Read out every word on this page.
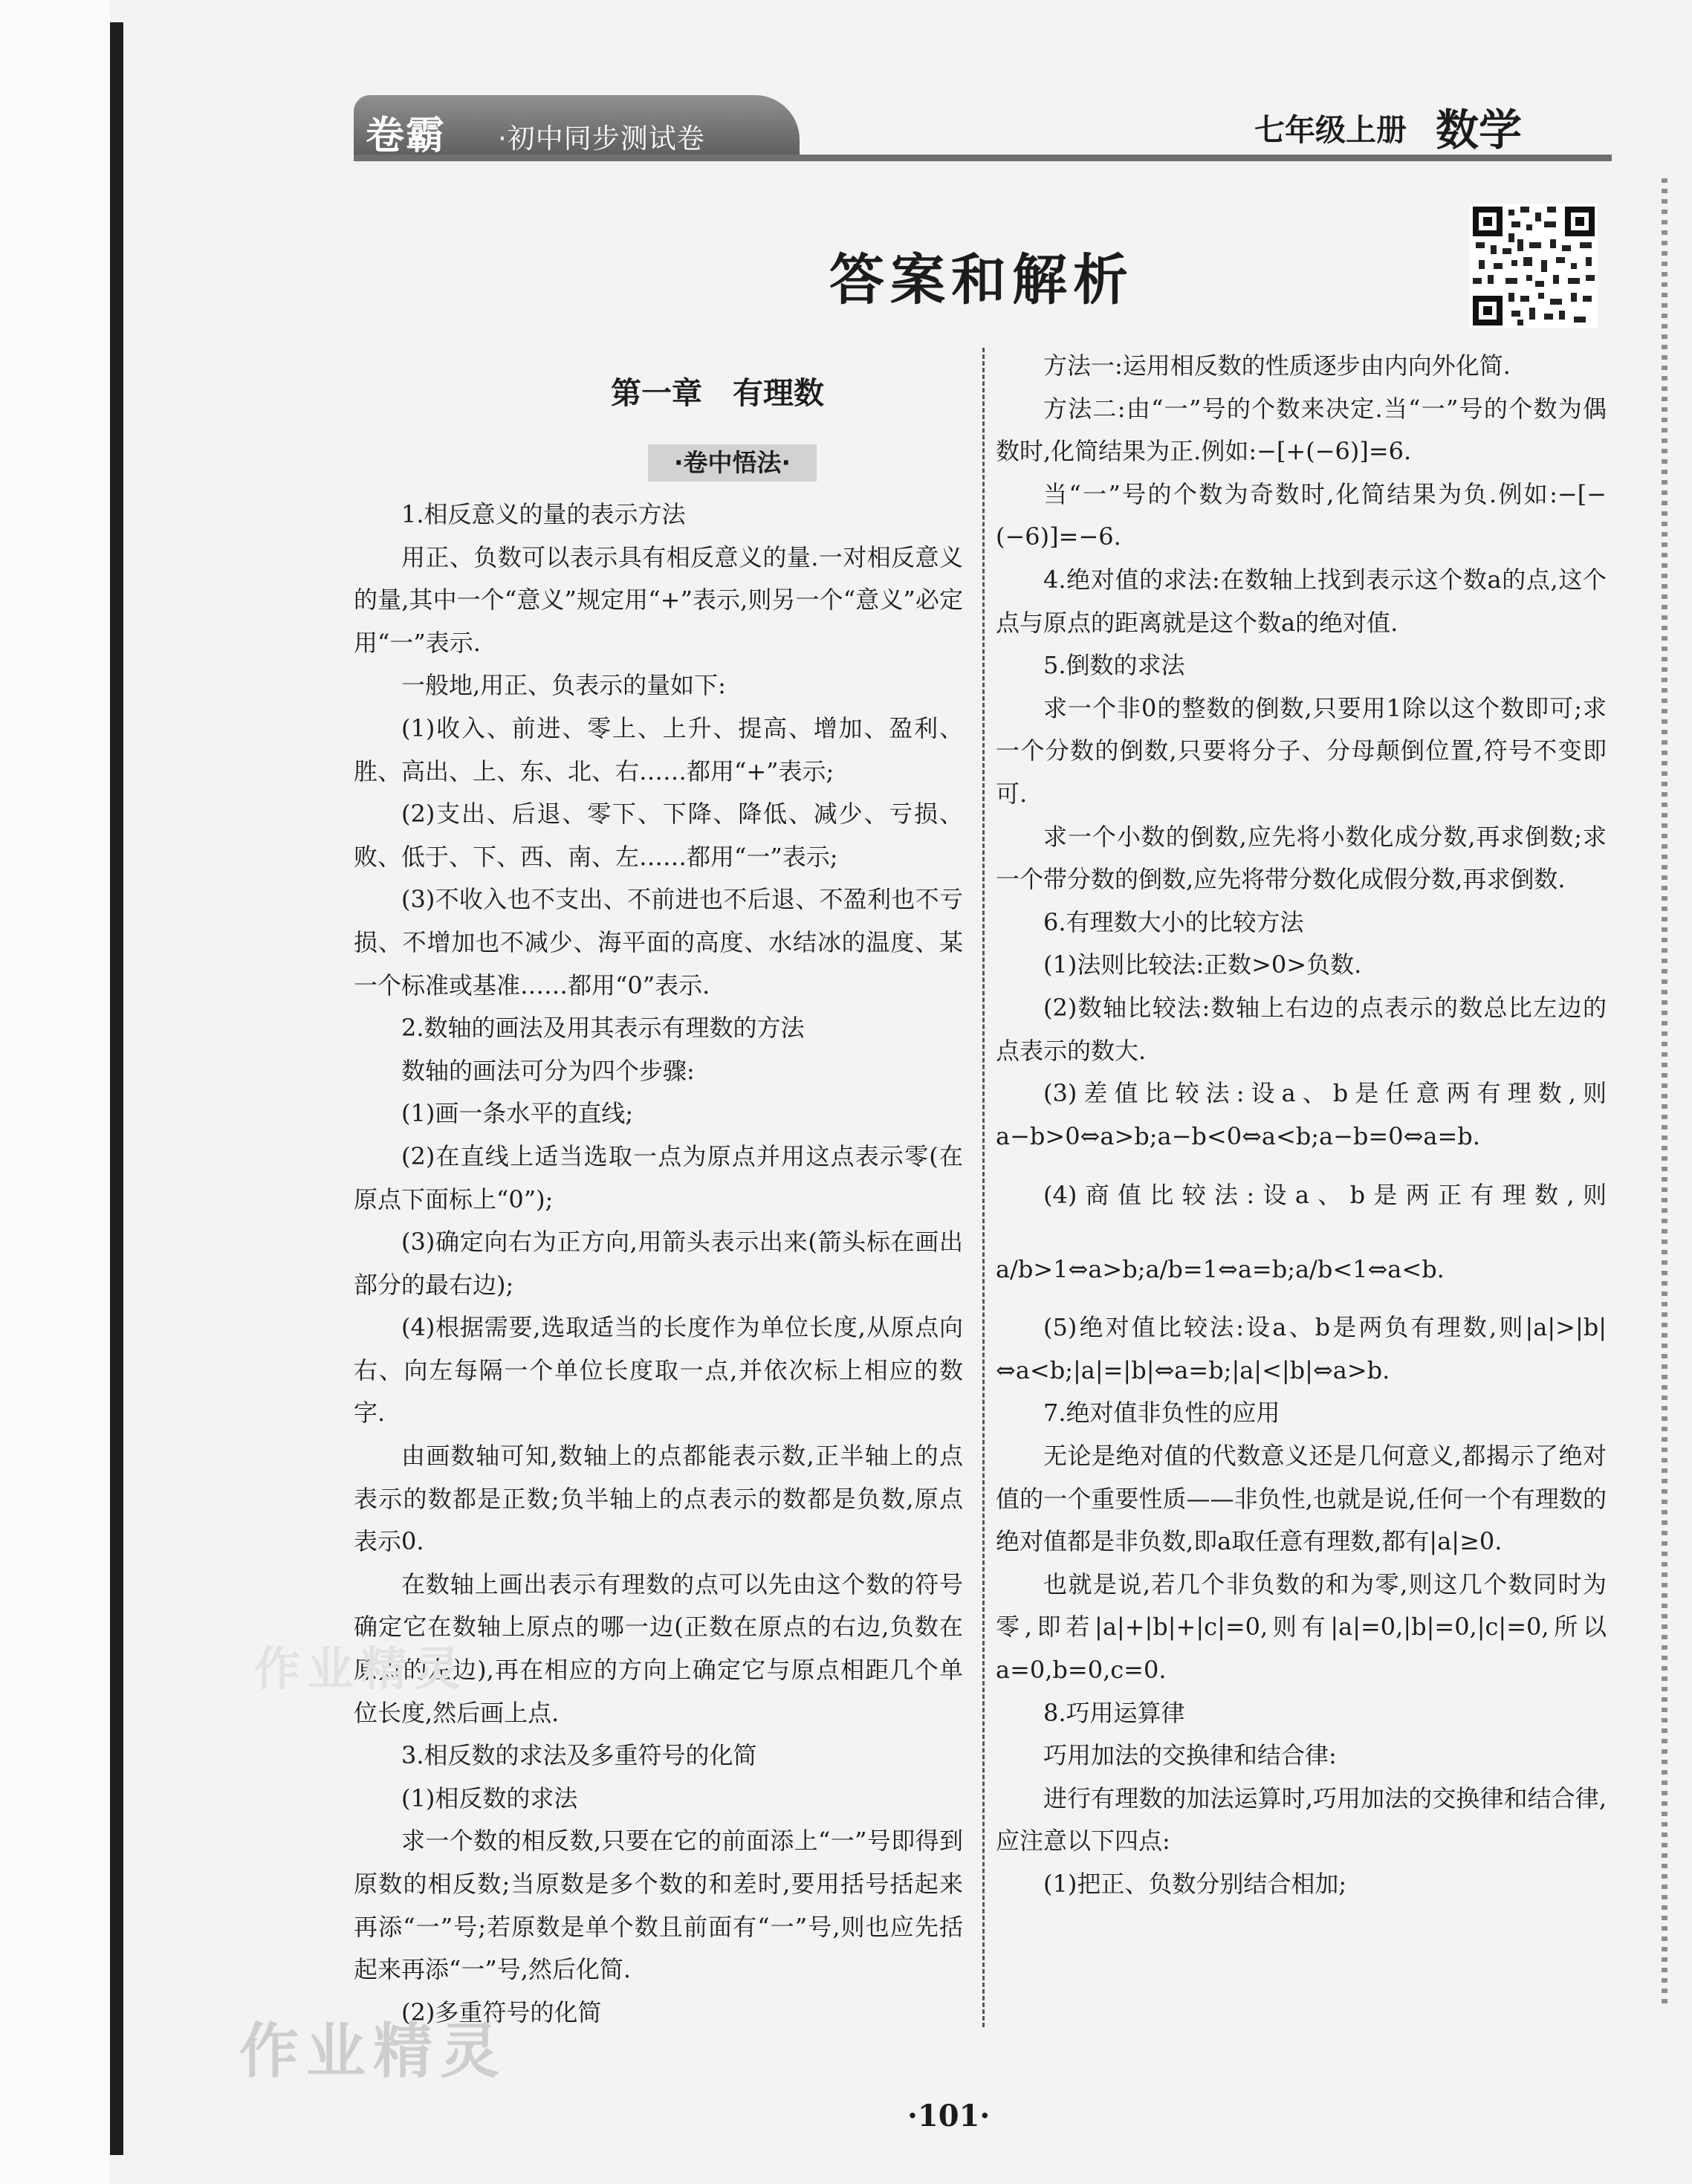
卷霸 ·初中同步测试卷	七年级上册 数学
答案和解析
第一章　有理数
·卷中悟法·

1.相反意义的量的表示方法

用正、负数可以表示具有相反意义的量.一对相反意义的量,其中一个“意义”规定用“+”表示,则另一个“意义”必定用“一”表示.

一般地,用正、负表示的量如下:

(1)收入、前进、零上、上升、提高、增加、盈利、胜、高出、上、东、北、右……都用“+”表示;

(2)支出、后退、零下、下降、降低、减少、亏损、败、低于、下、西、南、左……都用“一”表示;

(3)不收入也不支出、不前进也不后退、不盈利也不亏损、不增加也不减少、海平面的高度、水结冰的温度、某一个标准或基准……都用“0”表示.

2.数轴的画法及用其表示有理数的方法

数轴的画法可分为四个步骤:

(1)画一条水平的直线;

(2)在直线上适当选取一点为原点并用这点表示零(在原点下面标上“0”);

(3)确定向右为正方向,用箭头表示出来(箭头标在画出部分的最右边);

(4)根据需要,选取适当的长度作为单位长度,从原点向右、向左每隔一个单位长度取一点,并依次标上相应的数字.

由画数轴可知,数轴上的点都能表示数,正半轴上的点表示的数都是正数;负半轴上的点表示的数都是负数,原点表示0.

在数轴上画出表示有理数的点可以先由这个数的符号确定它在数轴上原点的哪一边(正数在原点的右边,负数在原点的左边),再在相应的方向上确定它与原点相距几个单位长度,然后画上点.

3.相反数的求法及多重符号的化简

(1)相反数的求法

求一个数的相反数,只要在它的前面添上“一”号即得到原数的相反数;当原数是多个数的和差时,要用括号括起来再添“一”号;若原数是单个数且前面有“一”号,则也应先括起来再添“一”号,然后化简.

(2)多重符号的化简

方法一:运用相反数的性质逐步由内向外化简.

方法二:由“一”号的个数来决定.当“一”号的个数为偶数时,化简结果为正.例如:−[+(−6)]=6.

当“一”号的个数为奇数时,化简结果为负.例如:−[−(−6)]=−6.

4.绝对值的求法:在数轴上找到表示这个数a的点,这个点与原点的距离就是这个数a的绝对值.

5.倒数的求法

求一个非0的整数的倒数,只要用1除以这个数即可;求一个分数的倒数,只要将分子、分母颠倒位置,符号不变即可.

求一个小数的倒数,应先将小数化成分数,再求倒数;求一个带分数的倒数,应先将带分数化成假分数,再求倒数.

6.有理数大小的比较方法

(1)法则比较法:正数>0>负数.

(2)数轴比较法:数轴上右边的点表示的数总比左边的点表示的数大.

(3)差值比较法:设a、b是任意两有理数,则a−b>0⇔a>b;a−b<0⇔a<b;a−b=0⇔a=b.

(4)商值比较法:设a、b是两正有理数,则a/b>1⇔a>b;a/b=1⇔a=b;a/b<1⇔a<b.

(5)绝对值比较法:设a、b是两负有理数,则|a|>|b|⇔a<b;|a|=|b|⇔a=b;|a|<|b|⇔a>b.

7.绝对值非负性的应用

无论是绝对值的代数意义还是几何意义,都揭示了绝对值的一个重要性质——非负性,也就是说,任何一个有理数的绝对值都是非负数,即a取任意有理数,都有|a|≥0.

也就是说,若几个非负数的和为零,则这几个数同时为零,即若|a|+|b|+|c|=0,则有|a|=0,|b|=0,|c|=0,所以a=0,b=0,c=0.

8.巧用运算律

巧用加法的交换律和结合律:

进行有理数的加法运算时,巧用加法的交换律和结合律,应注意以下四点:

(1)把正、负数分别结合相加;

·101·
作业精灵
作业精灵
